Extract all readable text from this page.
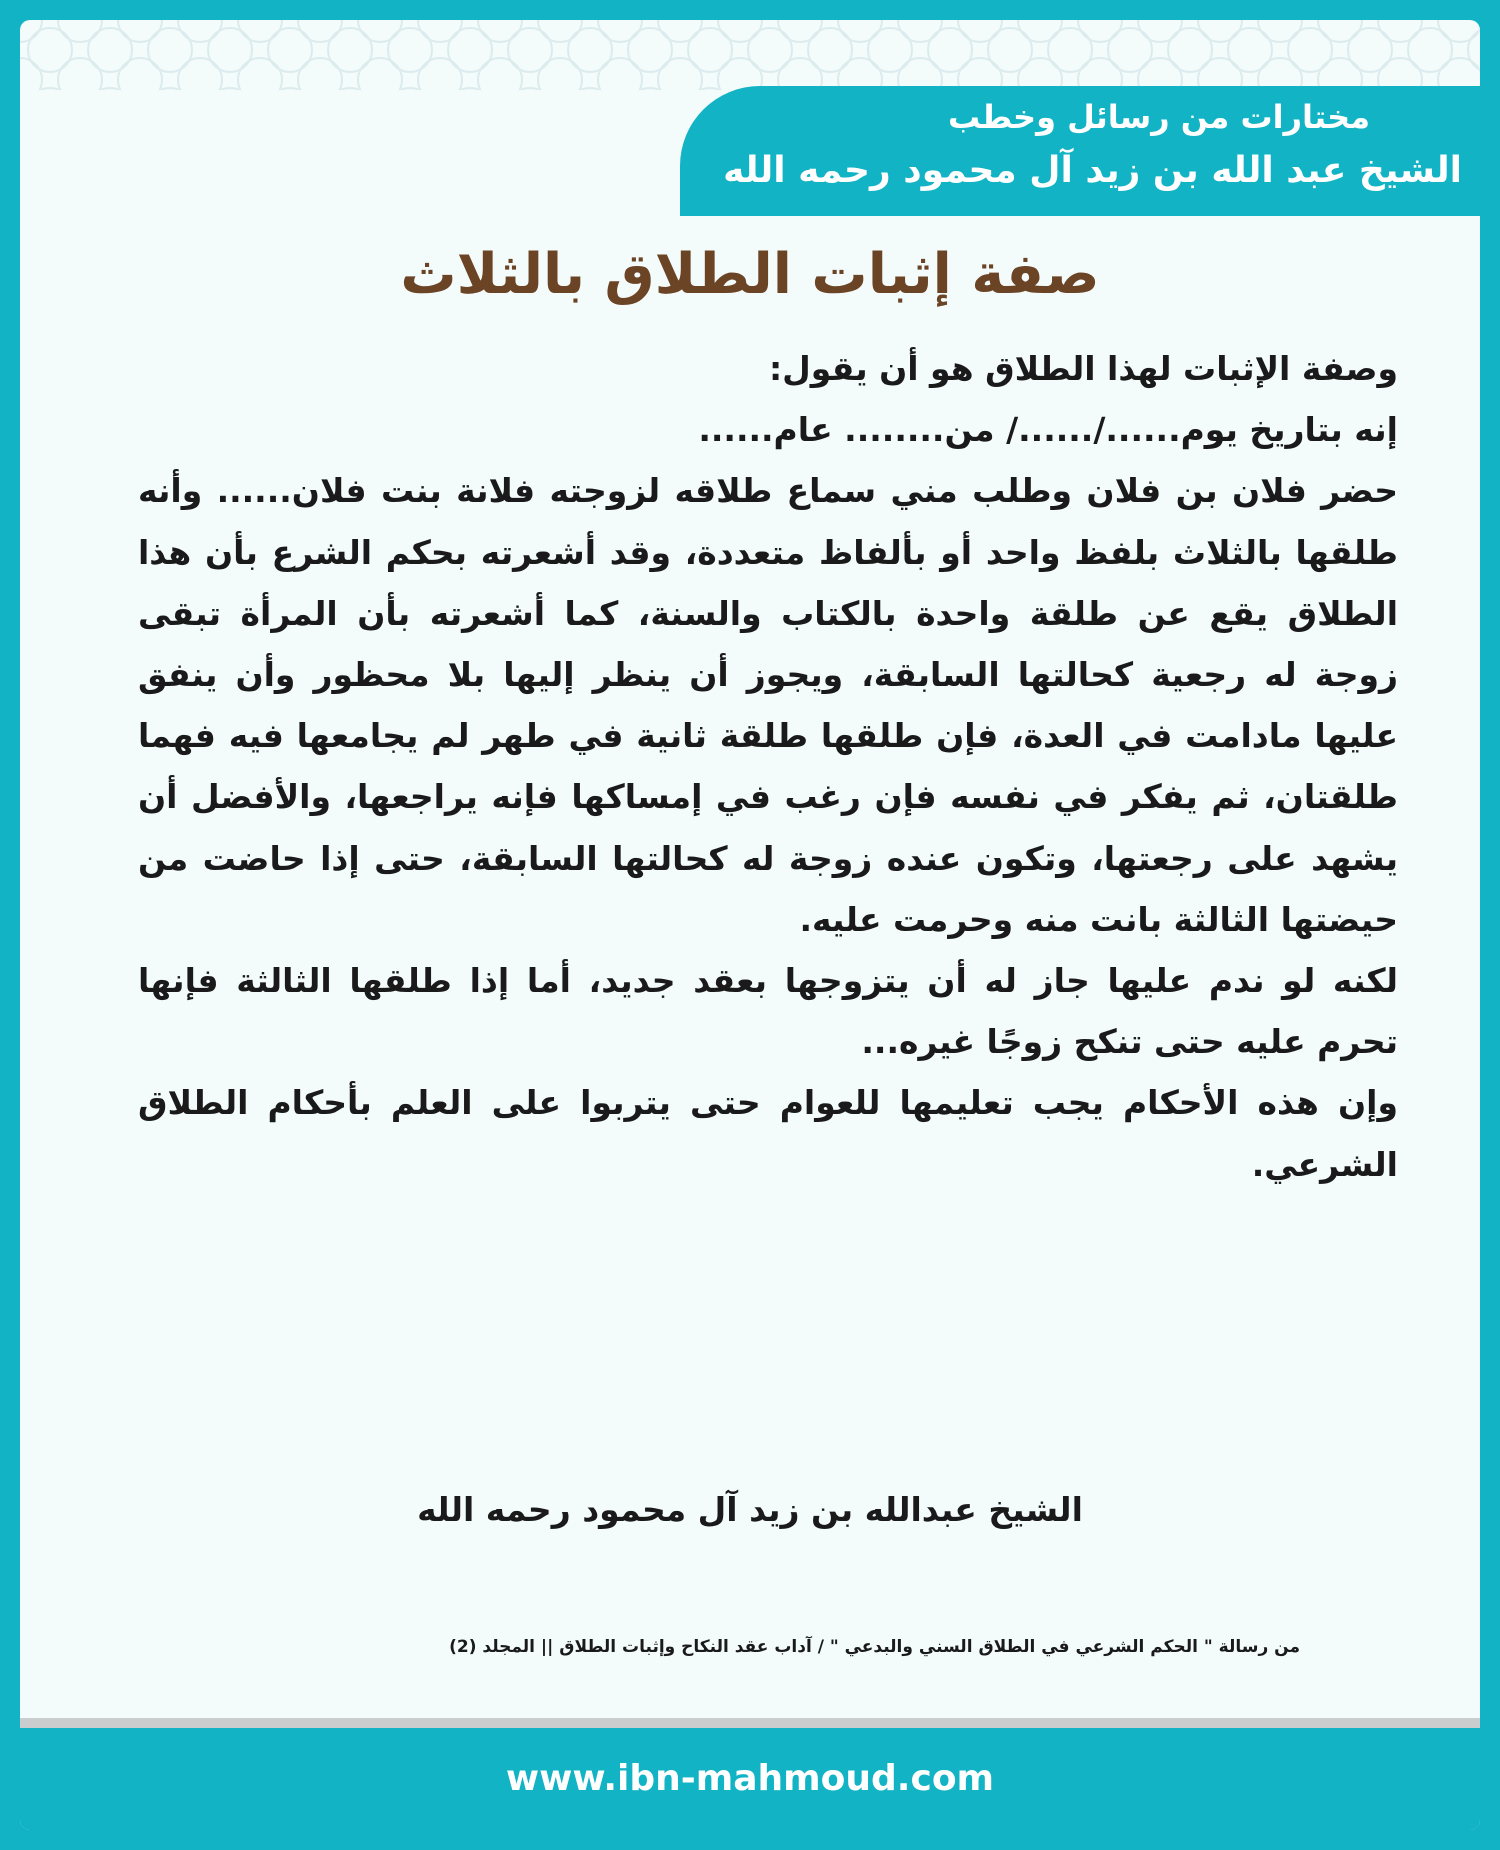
مختارات من رسائل وخطب
الشيخ عبد الله بن زيد آل محمود رحمه الله
صفة إثبات الطلاق بالثلاث

وصفة الإثبات لهذا الطلاق هو أن يقول:

إنه بتاريخ يوم....../....../ من........ عام......

حضر فلان بن فلان وطلب مني سماع طلاقه لزوجته فلانة بنت فلان...... وأنه طلقها بالثلاث بلفظ واحد أو بألفاظ متعددة، وقد أشعرته بحكم الشرع بأن هذا الطلاق يقع عن طلقة واحدة بالكتاب والسنة، كما أشعرته بأن المرأة تبقى زوجة له رجعية كحالتها السابقة، ويجوز أن ينظر إليها بلا محظور وأن ينفق عليها مادامت في العدة، فإن طلقها طلقة ثانية في طهر لم يجامعها فيه فهما طلقتان، ثم يفكر في نفسه فإن رغب في إمساكها فإنه يراجعها، والأفضل أن يشهد على رجعتها، وتكون عنده زوجة له كحالتها السابقة، حتى إذا حاضت من حيضتها الثالثة بانت منه وحرمت عليه.

لكنه لو ندم عليها جاز له أن يتزوجها بعقد جديد، أما إذا طلقها الثالثة فإنها تحرم عليه حتى تنكح زوجًا غيره...

وإن هذه الأحكام يجب تعليمها للعوام حتى يتربوا على العلم بأحكام الطلاق الشرعي.

الشيخ عبدالله بن زيد آل محمود رحمه الله
من رسالة " الحكم الشرعي في الطلاق السني والبدعي " / آداب عقد النكاح وإثبات الطلاق || المجلد (2)
www.ibn-mahmoud.com
